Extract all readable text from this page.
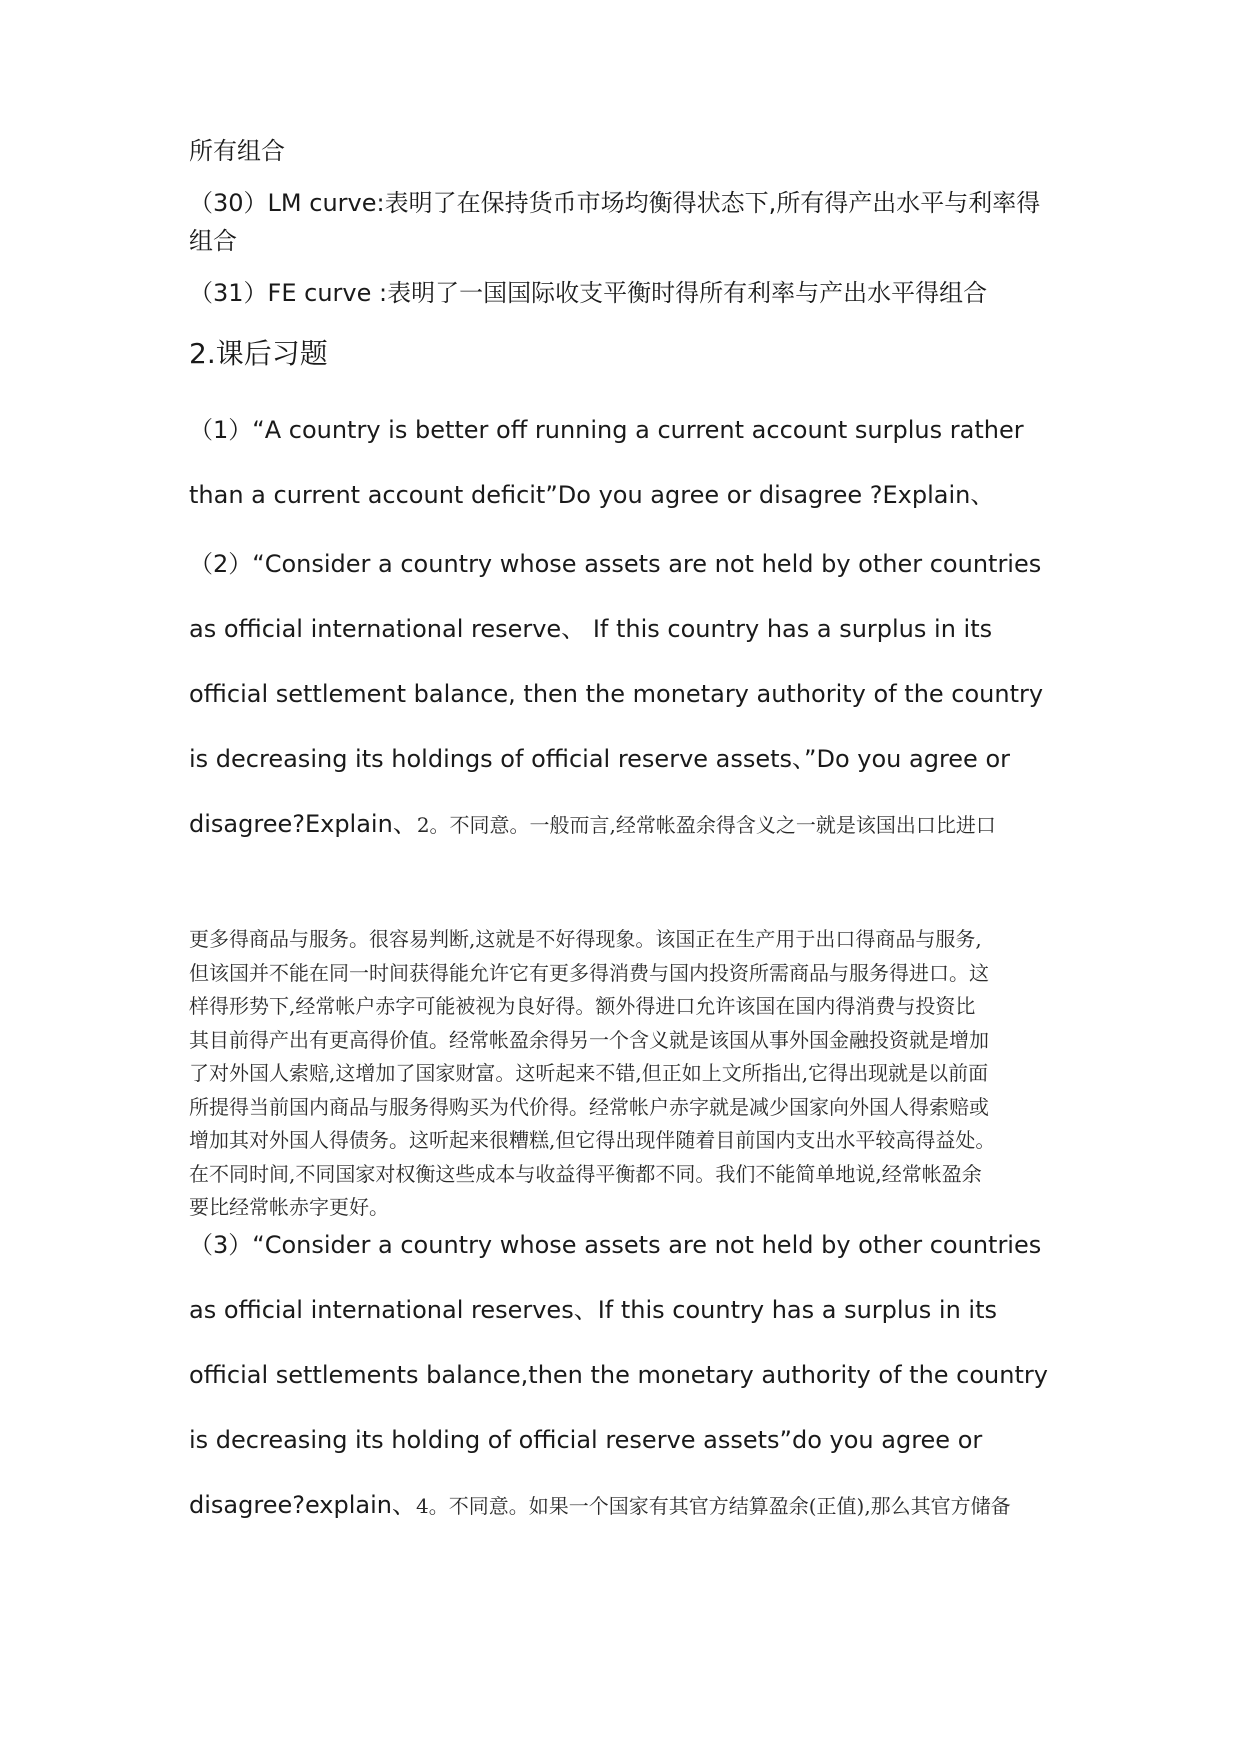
所有组合

（30）LM curve:表明了在保持货币市场均衡得状态下,所有得产出水平与利率得组合

（31）FE curve :表明了一国国际收支平衡时得所有利率与产出水平得组合

2.课后习题

（1）“A country is better off running a current account surplus rather

than a current account deficit”Do you agree or disagree ?Explain、

（2）“Consider a country whose assets are not held by other countries

as official international reserve、 If this country has a surplus in its

official settlement balance, then the monetary authority of the country

is decreasing its holdings of official reserve assets、”Do you agree or

disagree?Explain、2。不同意。一般而言,经常帐盈余得含义之一就是该国出口比进口

更多得商品与服务。很容易判断,这就是不好得现象。该国正在生产用于出口得商品与服务,

但该国并不能在同一时间获得能允许它有更多得消费与国内投资所需商品与服务得进口。这

样得形势下,经常帐户赤字可能被视为良好得。额外得进口允许该国在国内得消费与投资比

其目前得产出有更高得价值。经常帐盈余得另一个含义就是该国从事外国金融投资就是增加

了对外国人索赔,这增加了国家财富。这听起来不错,但正如上文所指出,它得出现就是以前面

所提得当前国内商品与服务得购买为代价得。经常帐户赤字就是减少国家向外国人得索赔或

增加其对外国人得债务。这听起来很糟糕,但它得出现伴随着目前国内支出水平较高得益处。

在不同时间,不同国家对权衡这些成本与收益得平衡都不同。我们不能简单地说,经常帐盈余

要比经常帐赤字更好。

（3）“Consider a country whose assets are not held by other countries

as official international reserves、If this country has a surplus in its

official settlements balance,then the monetary authority of the country

is decreasing its holding of official reserve assets”do you agree or

disagree?explain、4。不同意。如果一个国家有其官方结算盈余(正值),那么其官方储备
